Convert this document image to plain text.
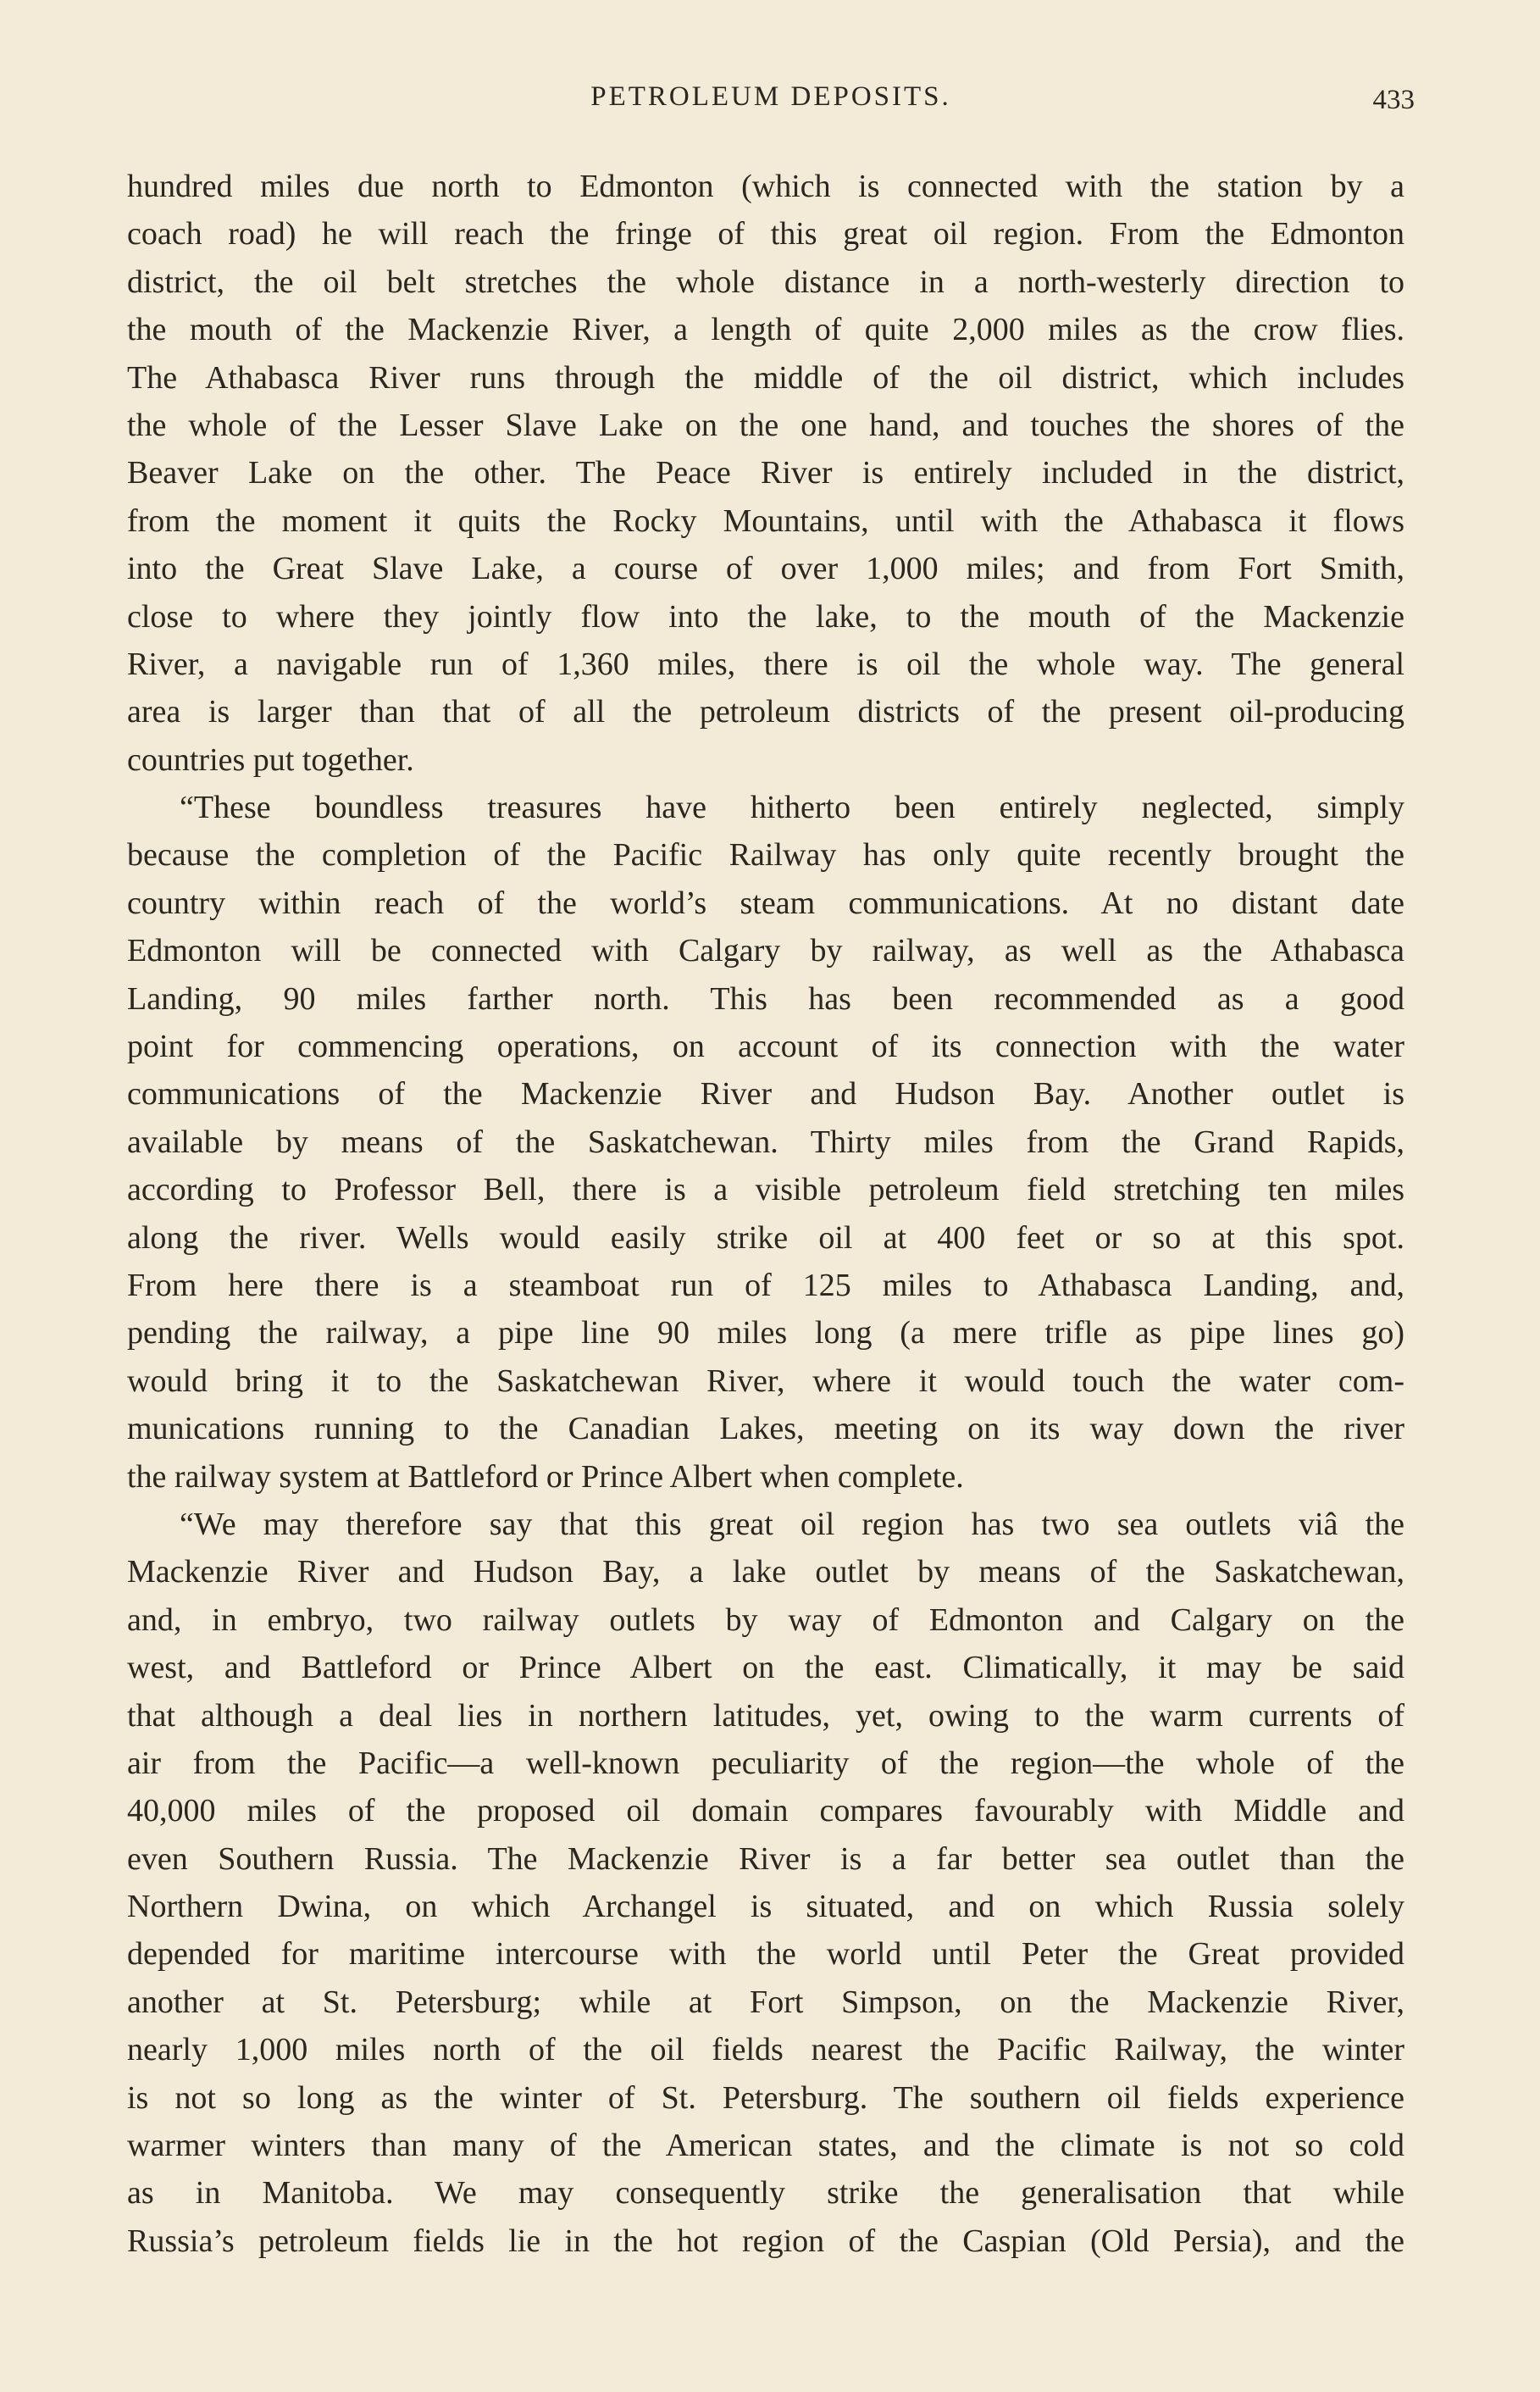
PETROLEUM DEPOSITS.	433
hundred miles due north to Edmonton (which is connected with the station by a
coach road) he will reach the fringe of this great oil region. From the Edmonton
district, the oil belt stretches the whole distance in a north-westerly direction to
the mouth of the Mackenzie River, a length of quite 2,000 miles as the crow flies.
The Athabasca River runs through the middle of the oil district, which includes
the whole of the Lesser Slave Lake on the one hand, and touches the shores of the
Beaver Lake on the other. The Peace River is entirely included in the district,
from the moment it quits the Rocky Mountains, until with the Athabasca it flows
into the Great Slave Lake, a course of over 1,000 miles; and from Fort Smith,
close to where they jointly flow into the lake, to the mouth of the Mackenzie
River, a navigable run of 1,360 miles, there is oil the whole way. The general
area is larger than that of all the petroleum districts of the present oil-producing
countries put together.
“These boundless treasures have hitherto been entirely neglected, simply
because the completion of the Pacific Railway has only quite recently brought the
country within reach of the world’s steam communications. At no distant date
Edmonton will be connected with Calgary by railway, as well as the Athabasca
Landing, 90 miles farther north. This has been recommended as a good
point for commencing operations, on account of its connection with the water
communications of the Mackenzie River and Hudson Bay. Another outlet is
available by means of the Saskatchewan. Thirty miles from the Grand Rapids,
according to Professor Bell, there is a visible petroleum field stretching ten miles
along the river. Wells would easily strike oil at 400 feet or so at this spot.
From here there is a steamboat run of 125 miles to Athabasca Landing, and,
pending the railway, a pipe line 90 miles long (a mere trifle as pipe lines go)
would bring it to the Saskatchewan River, where it would touch the water com-
munications running to the Canadian Lakes, meeting on its way down the river
the railway system at Battleford or Prince Albert when complete.
“We may therefore say that this great oil region has two sea outlets viâ the
Mackenzie River and Hudson Bay, a lake outlet by means of the Saskatchewan,
and, in embryo, two railway outlets by way of Edmonton and Calgary on the
west, and Battleford or Prince Albert on the east. Climatically, it may be said
that although a deal lies in northern latitudes, yet, owing to the warm currents of
air from the Pacific—a well-known peculiarity of the region—the whole of the
40,000 miles of the proposed oil domain compares favourably with Middle and
even Southern Russia. The Mackenzie River is a far better sea outlet than the
Northern Dwina, on which Archangel is situated, and on which Russia solely
depended for maritime intercourse with the world until Peter the Great provided
another at St. Petersburg; while at Fort Simpson, on the Mackenzie River,
nearly 1,000 miles north of the oil fields nearest the Pacific Railway, the winter
is not so long as the winter of St. Petersburg. The southern oil fields experience
warmer winters than many of the American states, and the climate is not so cold
as in Manitoba. We may consequently strike the generalisation that while
Russia’s petroleum fields lie in the hot region of the Caspian (Old Persia), and the
